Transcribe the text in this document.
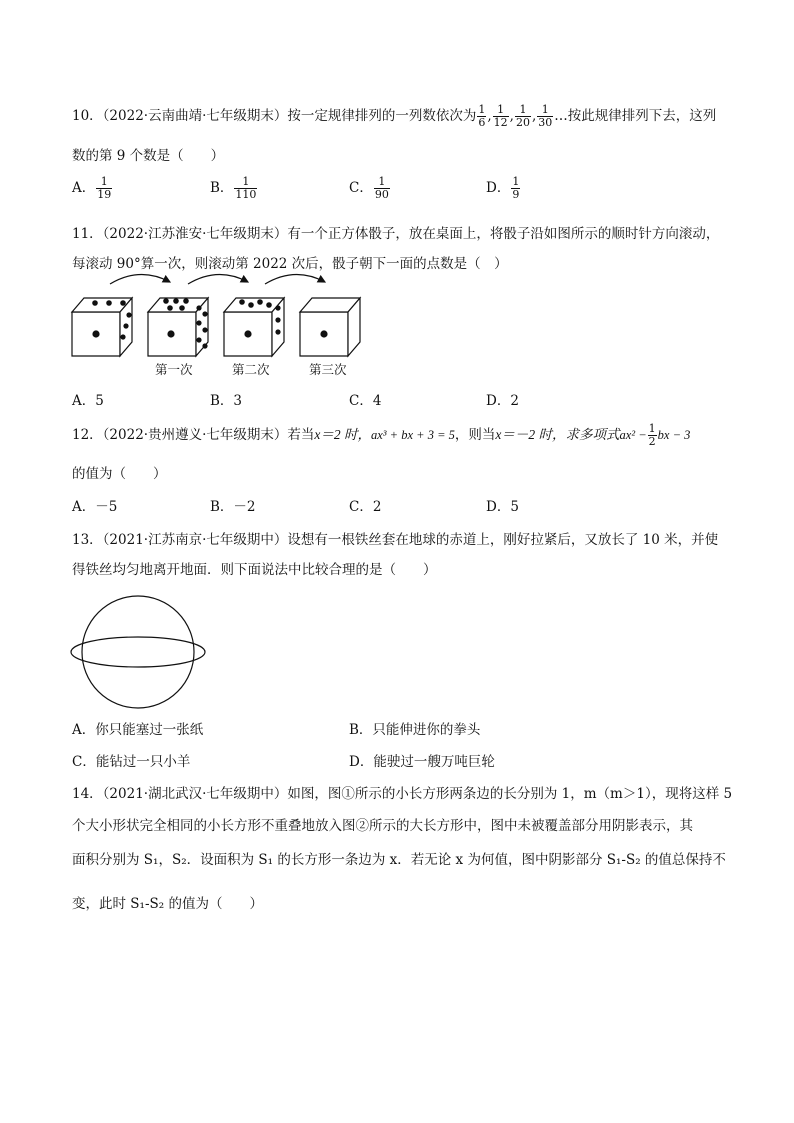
10．（2022·云南曲靖·七年级期末）按一定规律排列的一列数依次为 $\frac{1}{6}$ , $\frac{1}{12}$ , $\frac{1}{20}$ , $\frac{1}{30}$ …按此规律排列下去，这列
数的第 9 个数是（　　）
A． $\frac{1}{19}$	B． $\frac{1}{110}$	C． $\frac{1}{90}$	D． $\frac{1}{9}$
11．（2022·江苏淮安·七年级期末）有一个正方体骰子，放在桌面上，将骰子沿如图所示的顺时针方向滚动，
每滚动 90°算一次，则滚动第 2022 次后，骰子朝下一面的点数是（　）
第一次	第二次	第三次
A．5	B．3	C．4	D．2
12．（2022·贵州遵义·七年级期末）若当x＝2 时，ax³ + bx + 3 = 5，则当x＝－2 时，求多项式$ax^2 - \frac{1}{2}$ bx − 3
的值为（　　）
A．－5	B．－2	C．2	D．5
13．（2021·江苏南京·七年级期中）设想有一根铁丝套在地球的赤道上，刚好拉紧后，又放长了 10 米，并使
得铁丝均匀地离开地面．则下面说法中比较合理的是（　　）
A．你只能塞过一张纸	B．只能伸进你的拳头
C．能钻过一只小羊	D．能驶过一艘万吨巨轮
14．（2021·湖北武汉·七年级期中）如图，图①所示的小长方形两条边的长分别为 1，m（m＞1），现将这样 5
个大小形状完全相同的小长方形不重叠地放入图②所示的大长方形中，图中未被覆盖部分用阴影表示，其
面积分别为 S₁，S₂．设面积为 S₁ 的长方形一条边为 x．若无论 x 为何值，图中阴影部分 S₁-S₂ 的值总保持不
变，此时 S₁-S₂ 的值为（　　）
